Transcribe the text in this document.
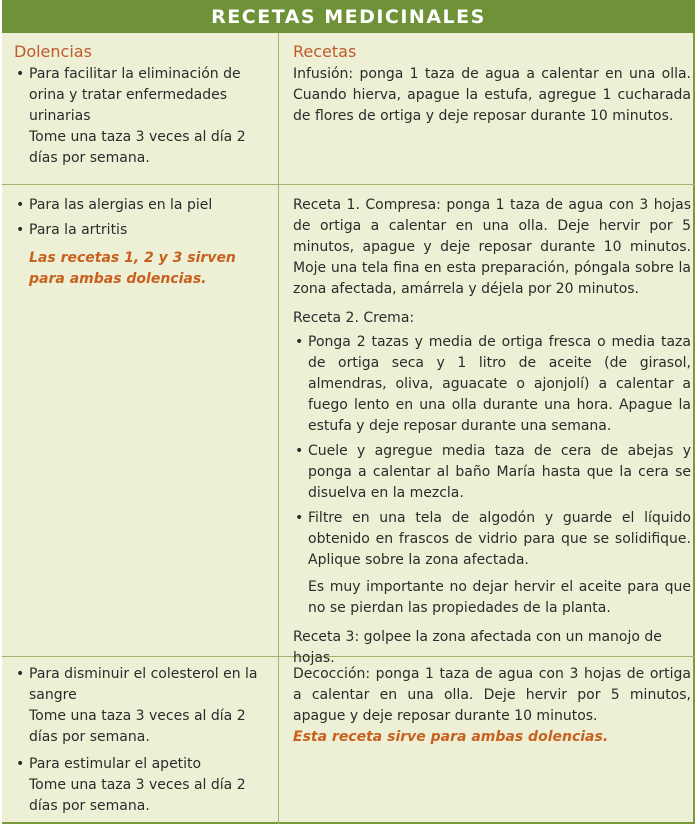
RECETAS MEDICINALES
Dolencias
• Para facilitar la eliminación de orina y tratar enfermedades urinarias
Tome una taza 3 veces al día 2 días por semana.
Recetas
Infusión: ponga 1 taza de agua a calentar en una olla. Cuando hierva, apague la estufa, agregue 1 cucharada de flores de ortiga y deje reposar durante 10 minutos.
• Para las alergias en la piel
• Para la artritis
Las recetas 1, 2 y 3 sirven para ambas dolencias.
Receta 1. Compresa: ponga 1 taza de agua con 3 hojas de ortiga a calentar en una olla. Deje hervir por 5 minutos, apague y deje reposar durante 10 minutos. Moje una tela fina en esta preparación, póngala sobre la zona afectada, amárrela y déjela por 20 minutos.
Receta 2. Crema:
• Ponga 2 tazas y media de ortiga fresca o media taza de ortiga seca y 1 litro de aceite (de girasol, almendras, oliva, aguacate o ajonjolí) a calentar a fuego lento en una olla durante una hora. Apague la estufa y deje reposar durante una semana.
• Cuele y agregue media taza de cera de abejas y ponga a calentar al baño María hasta que la cera se disuelva en la mezcla.
• Filtre en una tela de algodón y guarde el líquido obtenido en frascos de vidrio para que se solidifique. Aplique sobre la zona afectada.
Es muy importante no dejar hervir el aceite para que no se pierdan las propiedades de la planta.
Receta 3: golpee la zona afectada con un manojo de hojas.
• Para disminuir el colesterol en la sangre
Tome una taza 3 veces al día 2 días por semana.
• Para estimular el apetito
Tome una taza 3 veces al día 2 días por semana.
Decocción: ponga 1 taza de agua con 3 hojas de ortiga a calentar en una olla. Deje hervir por 5 minutos, apague y deje reposar durante 10 minutos.
Esta receta sirve para ambas dolencias.
